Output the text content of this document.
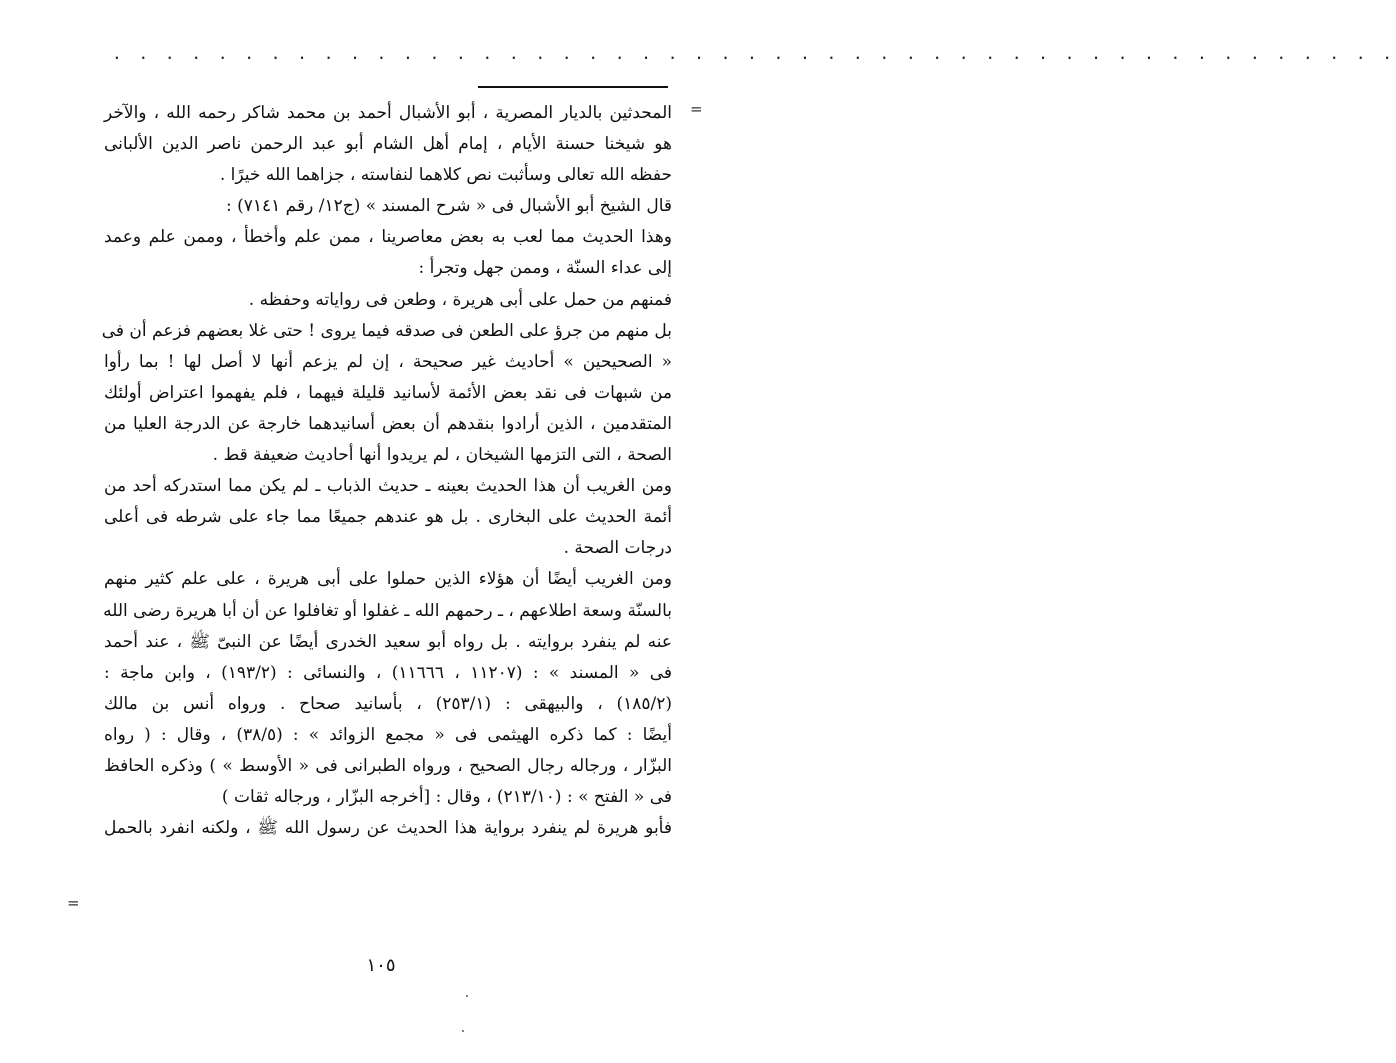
. . . . . . . . . . . . . . . . . . . . . . . . . . . . . . . . . . . . . . . . . . . . . . . . .
=
المحدثين بالديار المصرية ، أبو الأشبال أحمد بن محمد شاكر رحمه الله ، والآخر
هو شيخنا حسنة الأيام ، إمام أهل الشام أبو عبد الرحمن ناصر الدين الألبانى
حفظه الله تعالى وسأثبت نص كلاهما لنفاسته ، جزاهما الله خيرًا .
قال الشيخ أبو الأشبال فى « شرح المسند » (ج١٢/ رقم ٧١٤١) :
وهذا الحديث مما لعب به بعض معاصرينا ، ممن علم وأخطأ ، وممن علم وعمد
إلى عداء السنّة ، وممن جهل وتجرأ :
فمنهم من حمل على أبى هريرة ، وطعن فى رواياته وحفظه .
بل منهم من جرؤ على الطعن فى صدقه فيما يروى ! حتى غلا بعضهم فزعم أن فى
« الصحيحين » أحاديث غير صحيحة ، إن لم يزعم أنها لا أصل لها ! بما رأوا
من شبهات فى نقد بعض الأئمة لأسانيد قليلة فيهما ، فلم يفهموا اعتراض أولئك
المتقدمين ، الذين أرادوا بنقدهم أن بعض أسانيدهما خارجة عن الدرجة العليا من
الصحة ، التى التزمها الشيخان ، لم يريدوا أنها أحاديث ضعيفة قط .
ومن الغريب أن هذا الحديث بعينه ـ حديث الذباب ـ لم يكن مما استدركه أحد من
أئمة الحديث على البخارى . بل هو عندهم جميعًا مما جاء على شرطه فى أعلى
درجات الصحة .
ومن الغريب أيضًا أن هؤلاء الذين حملوا على أبى هريرة ، على علم كثير منهم
بالسنّة وسعة اطلاعهم ، ـ رحمهم الله ـ غفلوا أو تغافلوا عن أن أبا هريرة رضى الله
عنه لم ينفرد بروايته . بل رواه أبو سعيد الخدرى أيضًا عن النبىّ ﷺ ، عند أحمد
فى « المسند » : (١١٢٠٧ ، ١١٦٦٦) ، والنسائى : (١٩٣/٢) ، وابن ماجة :
(١٨٥/٢) ، والبيهقى : (٢٥٣/١) ، بأسانيد صحاح . ورواه أنس بن مالك
أيضًا : كما ذكره الهيثمى فى « مجمع الزوائد » : (٣٨/٥) ، وقال : ( رواه
البزّار ، ورجاله رجال الصحيح ، ورواه الطبرانى فى « الأوسط » ) وذكره الحافظ
فى « الفتح » : (٢١٣/١٠) ، وقال : [أخرجه البزّار ، ورجاله ثقات )
فأبو هريرة لم ينفرد برواية هذا الحديث عن رسول الله ﷺ ، ولكنه انفرد بالحمل
=
١٠٥
